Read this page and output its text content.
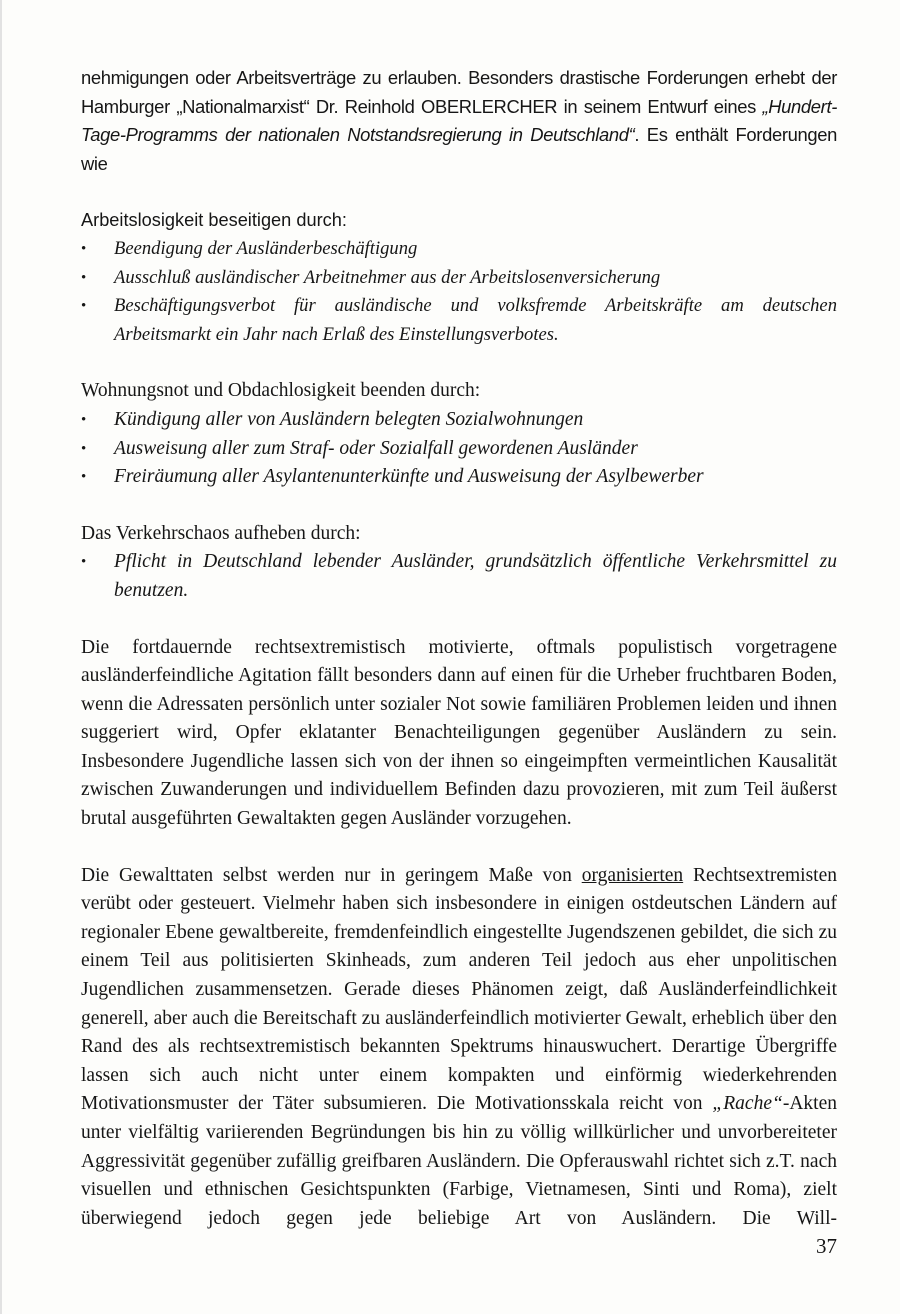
nehmigungen oder Arbeitsverträge zu erlauben. Besonders drastische Forderungen erhebt der Hamburger „Nationalmarxist“ Dr. Reinhold OBERLERCHER in seinem Entwurf eines „Hundert-Tage-Programms der nationalen Notstandsregierung in Deutschland“. Es enthält Forderungen wie

Arbeitslosigkeit beseitigen durch:
• Beendigung der Ausländerbeschäftigung
• Ausschluß ausländischer Arbeitnehmer aus der Arbeitslosenversicherung
• Beschäftigungsverbot für ausländische und volksfremde Arbeitskräfte am deutschen Arbeitsmarkt ein Jahr nach Erlaß des Einstellungsverbotes.
Wohnungsnot und Obdachlosigkeit beenden durch:
• Kündigung aller von Ausländern belegten Sozialwohnungen
• Ausweisung aller zum Straf- oder Sozialfall gewordenen Ausländer
• Freiräumung aller Asylantenunterkünfte und Ausweisung der Asylbewerber
Das Verkehrschaos aufheben durch:
• Pflicht in Deutschland lebender Ausländer, grundsätzlich öffentliche Verkehrsmittel zu benutzen.

Die fortdauernde rechtsextremistisch motivierte, oftmals populistisch vorgetragene ausländerfeindliche Agitation fällt besonders dann auf einen für die Urheber fruchtbaren Boden, wenn die Adressaten persönlich unter sozialer Not sowie familiären Problemen leiden und ihnen suggeriert wird, Opfer eklatanter Benachteiligungen gegenüber Ausländern zu sein. Insbesondere Jugendliche lassen sich von der ihnen so eingeimpften vermeintlichen Kausalität zwischen Zuwanderungen und individuellem Befinden dazu provozieren, mit zum Teil äußerst brutal ausgeführten Gewaltakten gegen Ausländer vorzugehen.

Die Gewalttaten selbst werden nur in geringem Maße von organisierten Rechtsextremisten verübt oder gesteuert. Vielmehr haben sich insbesondere in einigen ostdeutschen Ländern auf regionaler Ebene gewaltbereite, fremdenfeindlich eingestellte Jugendszenen gebildet, die sich zu einem Teil aus politisierten Skinheads, zum anderen Teil jedoch aus eher unpolitischen Jugendlichen zusammensetzen. Gerade dieses Phänomen zeigt, daß Ausländerfeindlichkeit generell, aber auch die Bereitschaft zu ausländerfeindlich motivierter Gewalt, erheblich über den Rand des als rechtsextremistisch bekannten Spektrums hinauswuchert. Derartige Übergriffe lassen sich auch nicht unter einem kompakten und einförmig wiederkehrenden Motivationsmuster der Täter subsumieren. Die Motivationsskala reicht von „Rache“-Akten unter vielfältig variierenden Begründungen bis hin zu völlig willkürlicher und unvorbereiteter Aggressivität gegenüber zufällig greifbaren Ausländern. Die Opferauswahl richtet sich z.T. nach visuellen und ethnischen Gesichtspunkten (Farbige, Vietnamesen, Sinti und Roma), zielt überwiegend jedoch gegen jede beliebige Art von Ausländern. Die Will-

37
